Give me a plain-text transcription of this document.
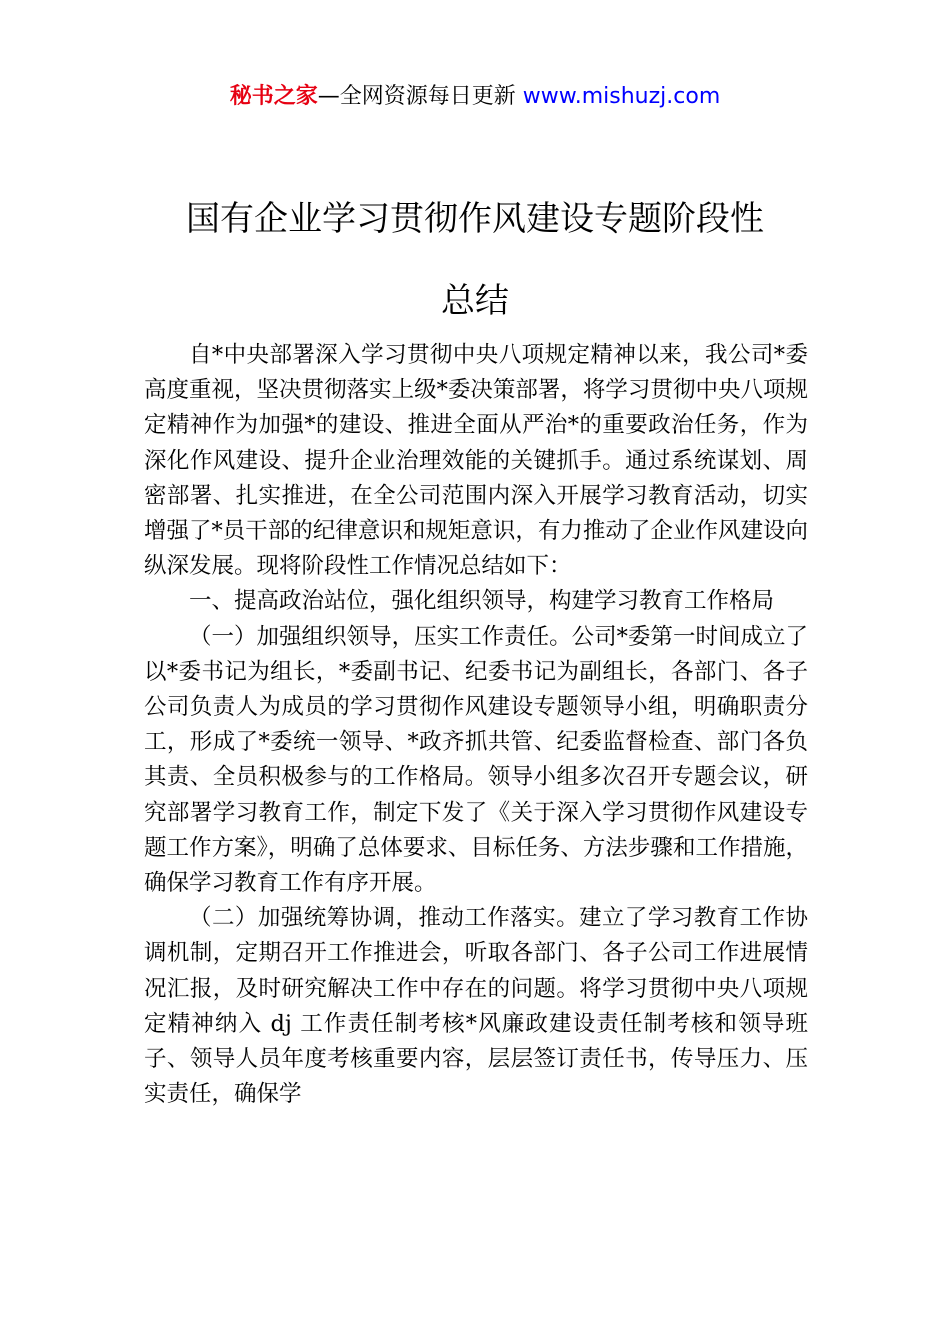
秘书之家—全网资源每日更新 www.mishuzj.com
国有企业学习贯彻作风建设专题阶段性
总结

自*中央部署深入学习贯彻中央八项规定精神以来，我公司*委高度重视，坚决贯彻落实上级*委决策部署，将学习贯彻中央八项规定精神作为加强*的建设、推进全面从严治*的重要政治任务，作为深化作风建设、提升企业治理效能的关键抓手。通过系统谋划、周密部署、扎实推进，在全公司范围内深入开展学习教育活动，切实增强了*员干部的纪律意识和规矩意识，有力推动了企业作风建设向纵深发展。现将阶段性工作情况总结如下：

一、提高政治站位，强化组织领导，构建学习教育工作格局

（一）加强组织领导，压实工作责任。公司*委第一时间成立了以*委书记为组长，*委副书记、纪委书记为副组长，各部门、各子公司负责人为成员的学习贯彻作风建设专题领导小组，明确职责分工，形成了*委统一领导、*政齐抓共管、纪委监督检查、部门各负其责、全员积极参与的工作格局。领导小组多次召开专题会议，研究部署学习教育工作，制定下发了《关于深入学习贯彻作风建设专题工作方案》，明确了总体要求、目标任务、方法步骤和工作措施，确保学习教育工作有序开展。

（二）加强统筹协调，推动工作落实。建立了学习教育工作协调机制，定期召开工作推进会，听取各部门、各子公司工作进展情况汇报，及时研究解决工作中存在的问题。将学习贯彻中央八项规定精神纳入 dj 工作责任制考核*风廉政建设责任制考核和领导班子、领导人员年度考核重要内容，层层签订责任书，传导压力、压实责任，确保学
